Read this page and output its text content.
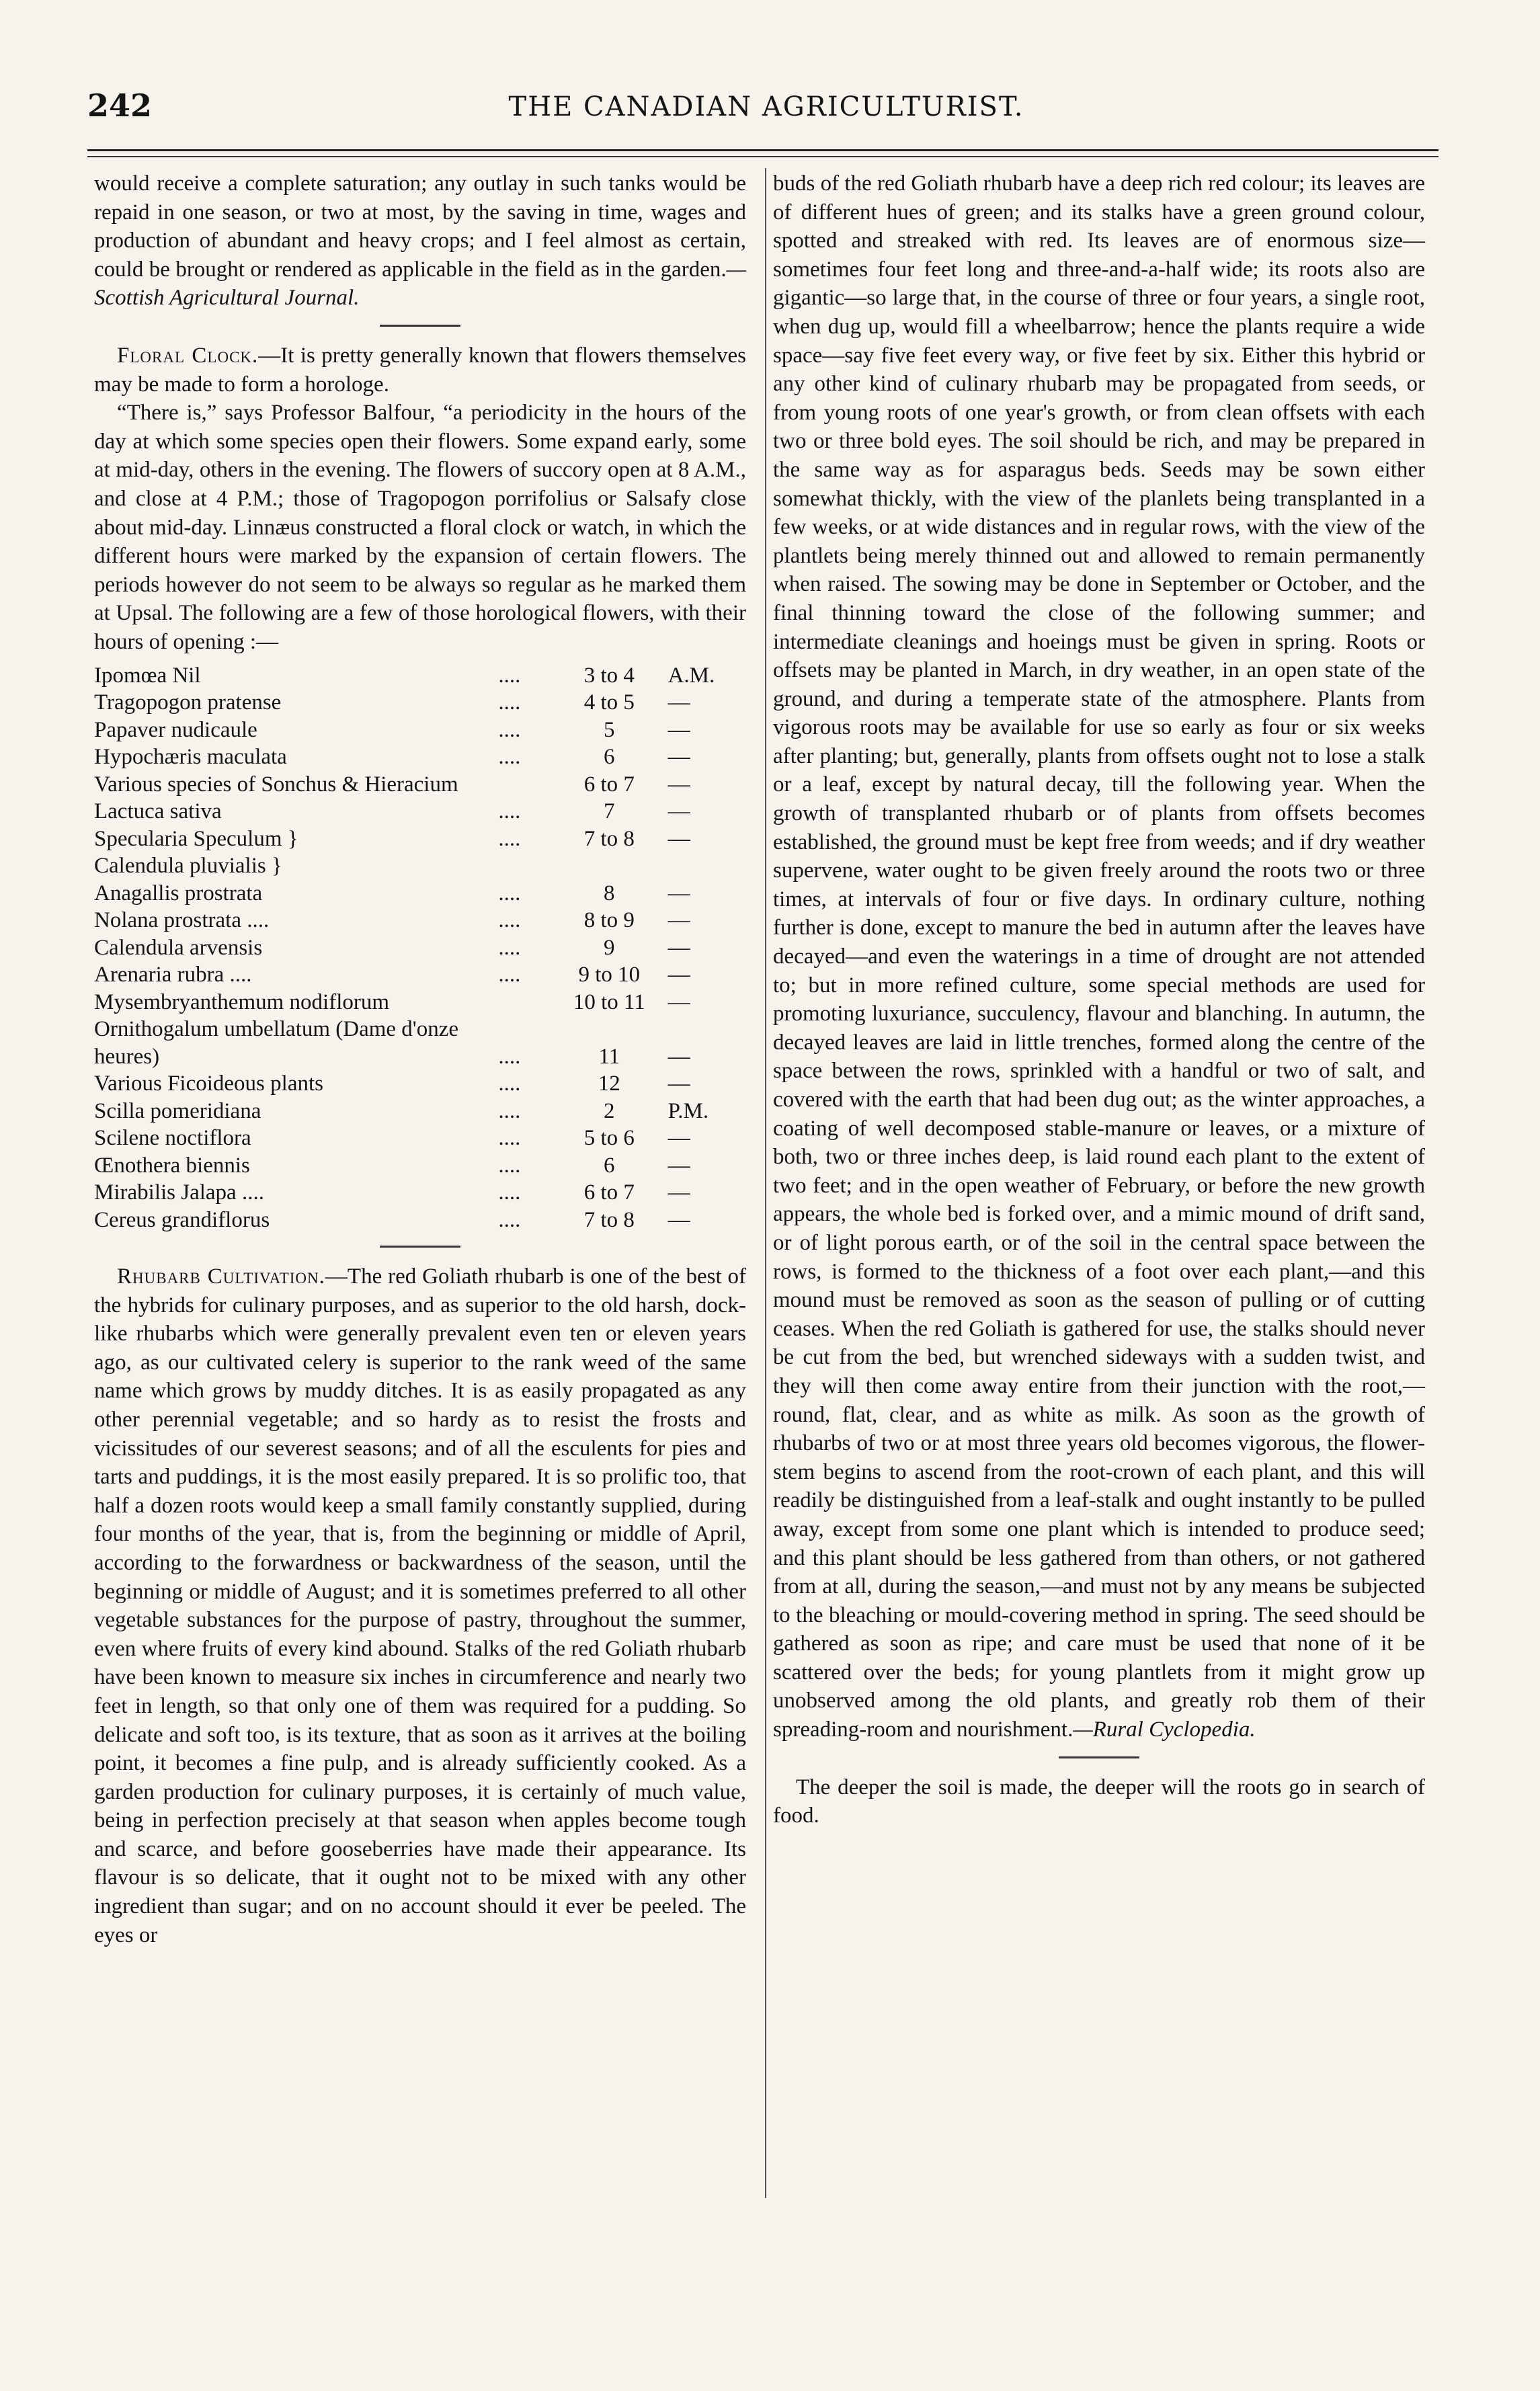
242	THE CANADIAN AGRICULTURIST.

would receive a complete saturation; any outlay in such tanks would be repaid in one season, or two at most, by the saving in time, wages and production of abundant and heavy crops; and I feel almost as certain, could be brought or rendered as applicable in the field as in the garden.—Scottish Agricultural Journal.

Floral Clock.—It is pretty generally known that flowers themselves may be made to form a horologe.

“There is,” says Professor Balfour, “a periodicity in the hours of the day at which some species open their flowers. Some expand early, some at mid-day, others in the evening. The flowers of succory open at 8 A.M., and close at 4 P.M.; those of Tragopogon porrifolius or Salsafy close about mid-day. Linnæus constructed a floral clock or watch, in which the different hours were marked by the expansion of certain flowers. The periods however do not seem to be always so regular as he marked them at Upsal. The following are a few of those horological flowers, with their hours of opening :—

Ipomœa Nil	....	3 to 4	A.M.
Tragopogon pratense	....	4 to 5	—
Papaver nudicaule	....	5	—
Hypochæris maculata	....	6	—
Various species of Sonchus & Hieracium		6 to 7	—
Lactuca sativa	....	7	—
Specularia Speculum }	....	7 to 8	—
Calendula pluvialis }			
Anagallis prostrata	....	8	—
Nolana prostrata ....	....	8 to 9	—
Calendula arvensis	....	9	—
Arenaria rubra ....	....	9 to 10	—
Mysembryanthemum nodiflorum		10 to 11	—
Ornithogalum umbellatum (Dame d'onze			
heures)	....	11	—
Various Ficoideous plants	....	12	—
Scilla pomeridiana	....	2	P.M.
Scilene noctiflora	....	5 to 6	—
Œnothera biennis	....	6	—
Mirabilis Jalapa ....	....	6 to 7	—
Cereus grandiflorus	....	7 to 8	—

Rhubarb Cultivation.—The red Goliath rhubarb is one of the best of the hybrids for culinary purposes, and as superior to the old harsh, dock-like rhubarbs which were generally prevalent even ten or eleven years ago, as our cultivated celery is superior to the rank weed of the same name which grows by muddy ditches. It is as easily propagated as any other perennial vegetable; and so hardy as to resist the frosts and vicissitudes of our severest seasons; and of all the esculents for pies and tarts and puddings, it is the most easily prepared. It is so prolific too, that half a dozen roots would keep a small family constantly supplied, during four months of the year, that is, from the beginning or middle of April, according to the forwardness or backwardness of the season, until the beginning or middle of August; and it is sometimes preferred to all other vegetable substances for the purpose of pastry, throughout the summer, even where fruits of every kind abound. Stalks of the red Goliath rhubarb have been known to measure six inches in circumference and nearly two feet in length, so that only one of them was required for a pudding. So delicate and soft too, is its texture, that as soon as it arrives at the boiling point, it becomes a fine pulp, and is already sufficiently cooked. As a garden production for culinary purposes, it is certainly of much value, being in perfection precisely at that season when apples become tough and scarce, and before gooseberries have made their appearance. Its flavour is so delicate, that it ought not to be mixed with any other ingredient than sugar; and on no account should it ever be peeled. The eyes or

buds of the red Goliath rhubarb have a deep rich red colour; its leaves are of different hues of green; and its stalks have a green ground colour, spotted and streaked with red. Its leaves are of enormous size—sometimes four feet long and three-and-a-half wide; its roots also are gigantic—so large that, in the course of three or four years, a single root, when dug up, would fill a wheelbarrow; hence the plants require a wide space—say five feet every way, or five feet by six. Either this hybrid or any other kind of culinary rhubarb may be propagated from seeds, or from young roots of one year's growth, or from clean offsets with each two or three bold eyes. The soil should be rich, and may be prepared in the same way as for asparagus beds. Seeds may be sown either somewhat thickly, with the view of the planlets being transplanted in a few weeks, or at wide distances and in regular rows, with the view of the plantlets being merely thinned out and allowed to remain permanently when raised. The sowing may be done in September or October, and the final thinning toward the close of the following summer; and intermediate cleanings and hoeings must be given in spring. Roots or offsets may be planted in March, in dry weather, in an open state of the ground, and during a temperate state of the atmosphere. Plants from vigorous roots may be available for use so early as four or six weeks after planting; but, generally, plants from offsets ought not to lose a stalk or a leaf, except by natural decay, till the following year. When the growth of transplanted rhubarb or of plants from offsets becomes established, the ground must be kept free from weeds; and if dry weather supervene, water ought to be given freely around the roots two or three times, at intervals of four or five days. In ordinary culture, nothing further is done, except to manure the bed in autumn after the leaves have decayed—and even the waterings in a time of drought are not attended to; but in more refined culture, some special methods are used for promoting luxuriance, succulency, flavour and blanching. In autumn, the decayed leaves are laid in little trenches, formed along the centre of the space between the rows, sprinkled with a handful or two of salt, and covered with the earth that had been dug out; as the winter approaches, a coating of well decomposed stable-manure or leaves, or a mixture of both, two or three inches deep, is laid round each plant to the extent of two feet; and in the open weather of February, or before the new growth appears, the whole bed is forked over, and a mimic mound of drift sand, or of light porous earth, or of the soil in the central space between the rows, is formed to the thickness of a foot over each plant,—and this mound must be removed as soon as the season of pulling or of cutting ceases. When the red Goliath is gathered for use, the stalks should never be cut from the bed, but wrenched sideways with a sudden twist, and they will then come away entire from their junction with the root,—round, flat, clear, and as white as milk. As soon as the growth of rhubarbs of two or at most three years old becomes vigorous, the flower-stem begins to ascend from the root-crown of each plant, and this will readily be distinguished from a leaf-stalk and ought instantly to be pulled away, except from some one plant which is intended to produce seed; and this plant should be less gathered from than others, or not gathered from at all, during the season,—and must not by any means be subjected to the bleaching or mould-covering method in spring. The seed should be gathered as soon as ripe; and care must be used that none of it be scattered over the beds; for young plantlets from it might grow up unobserved among the old plants, and greatly rob them of their spreading-room and nourishment.—Rural Cyclopedia.

The deeper the soil is made, the deeper will the roots go in search of food.
